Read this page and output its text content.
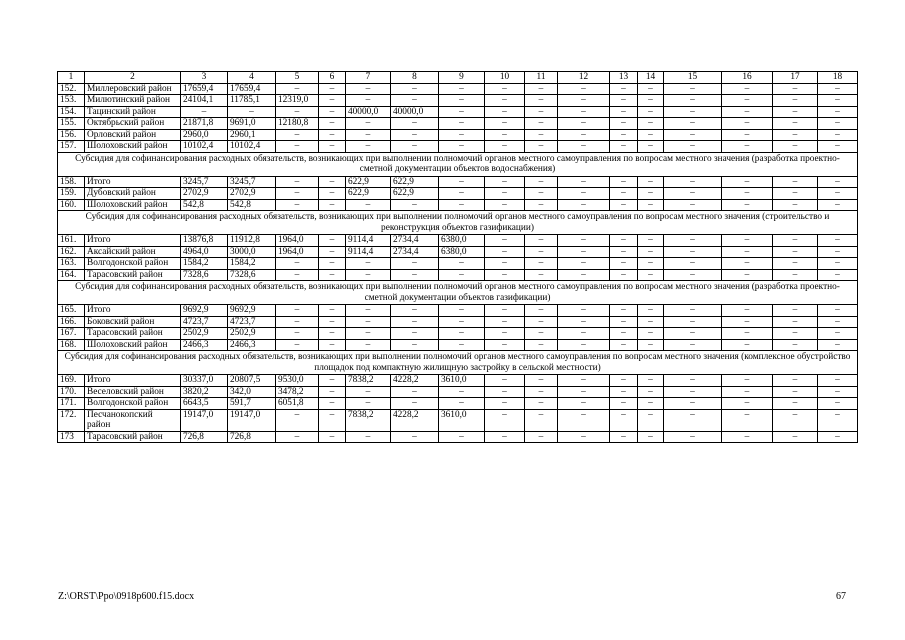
1	2	3	4	5	6	7	8	9	10	11	12	13	14	15	16	17	18
152.	Миллеровский район	17659,4	17659,4	–	–	–	–	–	–	–	–	–	–	–	–	–	–
153.	Милютинский район	24104,1	11785,1	12319,0	–	–	–	–	–	–	–	–	–	–	–	–	–
154.	Тацинский район	–	–	–	–	40000,0	40000,0	–	–	–	–	–	–	–	–	–	–
155.	Октябрьский район	21871,8	9691,0	12180,8	–	–	–	–	–	–	–	–	–	–	–	–	–
156.	Орловский район	2960,0	2960,1	–	–	–	–	–	–	–	–	–	–	–	–	–	–
157.	Шолоховский район	10102,4	10102,4	–	–	–	–	–	–	–	–	–	–	–	–	–	–
Субсидия для софинансирования расходных обязательств, возникающих при выполнении полномочий органов местного самоуправления по вопросам местного значения (разработка проектно-сметной документации объектов водоснабжения)																	
158.	Итого	3245,7	3245,7	–	–	622,9	622,9	–	–	–	–	–	–	–	–	–	–
159.	Дубовский район	2702,9	2702,9	–	–	622,9	622,9	–	–	–	–	–	–	–	–	–	–
160.	Шолоховский район	542,8	542,8	–	–	–	–	–	–	–	–	–	–	–	–	–	–
Субсидия для софинансирования расходных обязательств, возникающих при выполнении полномочий органов местного самоуправления по вопросам местного значения (строительство и реконструкция объектов газификации)																	
161.	Итого	13876,8	11912,8	1964,0	–	9114,4	2734,4	6380,0	–	–	–	–	–	–	–	–	–
162.	Аксайский район	4964,0	3000,0	1964,0	–	9114,4	2734,4	6380,0	–	–	–	–	–	–	–	–	–
163.	Волгодонской район	1584,2	1584,2	–	–	–	–	–	–	–	–	–	–	–	–	–	–
164.	Тарасовский район	7328,6	7328,6	–	–	–	–	–	–	–	–	–	–	–	–	–	–
Субсидия для софинансирования расходных обязательств, возникающих при выполнении полномочий органов местного самоуправления по вопросам местного значения (разработка проектно-сметной документации объектов газификации)																	
165.	Итого	9692,9	9692,9	–	–	–	–	–	–	–	–	–	–	–	–	–	–
166.	Боковский район	4723,7	4723,7	–	–	–	–	–	–	–	–	–	–	–	–	–	–
167.	Тарасовский район	2502,9	2502,9	–	–	–	–	–	–	–	–	–	–	–	–	–	–
168.	Шолоховский район	2466,3	2466,3	–	–	–	–	–	–	–	–	–	–	–	–	–	–
Субсидия для софинансирования расходных обязательств, возникающих при выполнении полномочий органов местного самоуправления по вопросам местного значения (комплексное обустройство площадок под компактную жилищную застройку в сельской местности)																	
169.	Итого	30337,0	20807,5	9530,0	–	7838,2	4228,2	3610,0	–	–	–	–	–	–	–	–	–
170.	Веселовский район	3820,2	342,0	3478,2	–	–	–	–	–	–	–	–	–	–	–	–	–
171.	Волгодонской район	6643,5	591,7	6051,8	–	–	–	–	–	–	–	–	–	–	–	–	–
172.	Песчанокопский район	19147,0	19147,0	–	–	7838,2	4228,2	3610,0	–	–	–	–	–	–	–	–	–
173	Тарасовский район	726,8	726,8	–	–	–	–	–	–	–	–	–	–	–	–	–	–
Z:\ORST\Ppo\0918p600.f15.docx	67
